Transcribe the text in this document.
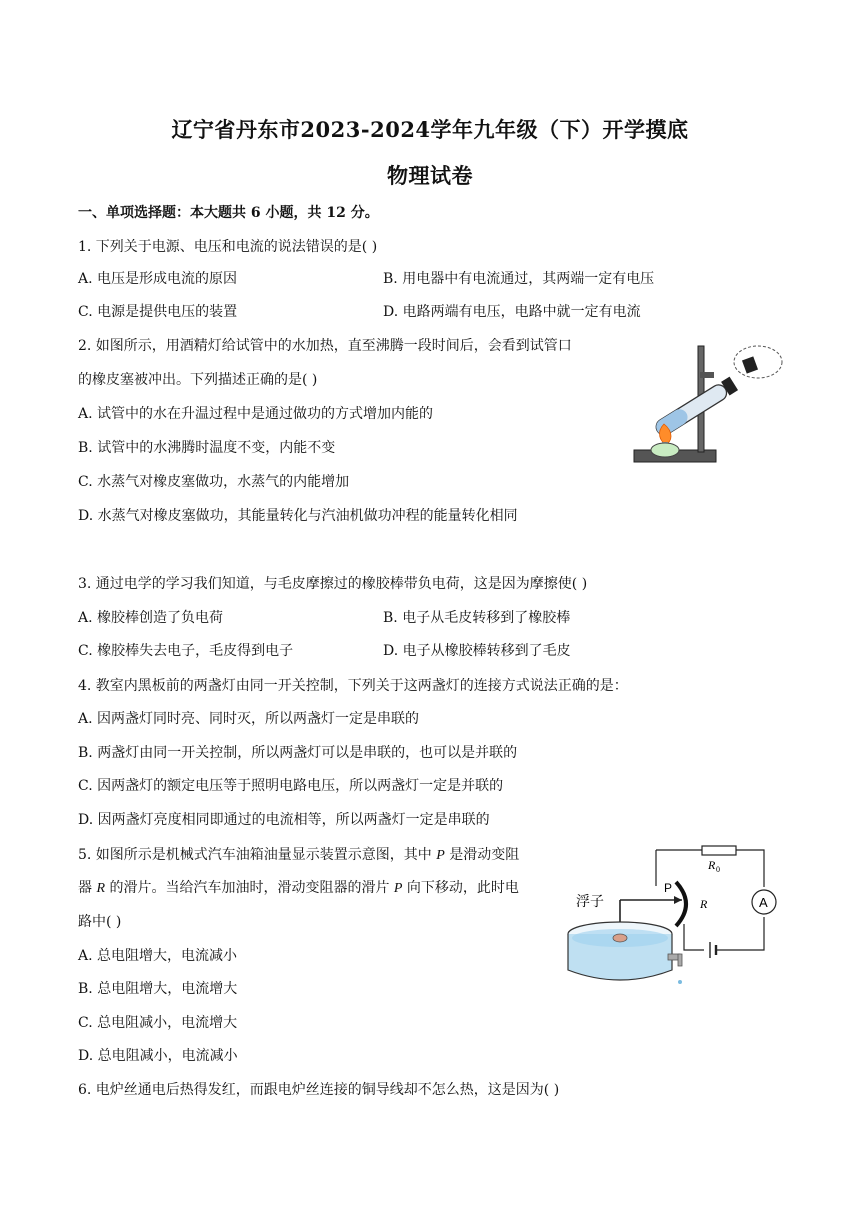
辽宁省丹东市2023-2024学年九年级（下）开学摸底
物理试卷
一、单项选择题：本大题共 6 小题，共 12 分。
1. 下列关于电源、电压和电流的说法错误的是( )
A. 电压是形成电流的原因	B. 用电器中有电流通过，其两端一定有电压
C. 电源是提供电压的装置	D. 电路两端有电压，电路中就一定有电流
2. 如图所示，用酒精灯给试管中的水加热，直至沸腾一段时间后，会看到试管口
的橡皮塞被冲出。下列描述正确的是( )
A. 试管中的水在升温过程中是通过做功的方式增加内能的
B. 试管中的水沸腾时温度不变，内能不变
C. 水蒸气对橡皮塞做功，水蒸气的内能增加
D. 水蒸气对橡皮塞做功，其能量转化与汽油机做功冲程的能量转化相同
3. 通过电学的学习我们知道，与毛皮摩擦过的橡胶棒带负电荷，这是因为摩擦使( )
A. 橡胶棒创造了负电荷	B. 电子从毛皮转移到了橡胶棒
C. 橡胶棒失去电子，毛皮得到电子	D. 电子从橡胶棒转移到了毛皮
4. 教室内黑板前的两盏灯由同一开关控制，下列关于这两盏灯的连接方式说法正确的是：
A. 因两盏灯同时亮、同时灭，所以两盏灯一定是串联的
B. 两盏灯由同一开关控制，所以两盏灯可以是串联的，也可以是并联的
C. 因两盏灯的额定电压等于照明电路电压，所以两盏灯一定是并联的
D. 因两盏灯亮度相同即通过的电流相等，所以两盏灯一定是串联的
5. 如图所示是机械式汽车油箱油量显示装置示意图，其中 P 是滑动变阻
器 R 的滑片。当给汽车加油时，滑动变阻器的滑片 P 向下移动，此时电
路中( )
A. 总电阻增大，电流减小
B. 总电阻增大，电流增大
C. 总电阻减小，电流增大
D. 总电阻减小，电流减小
R 0
A
R
P
浮子
6. 电炉丝通电后热得发红，而跟电炉丝连接的铜导线却不怎么热，这是因为( )
